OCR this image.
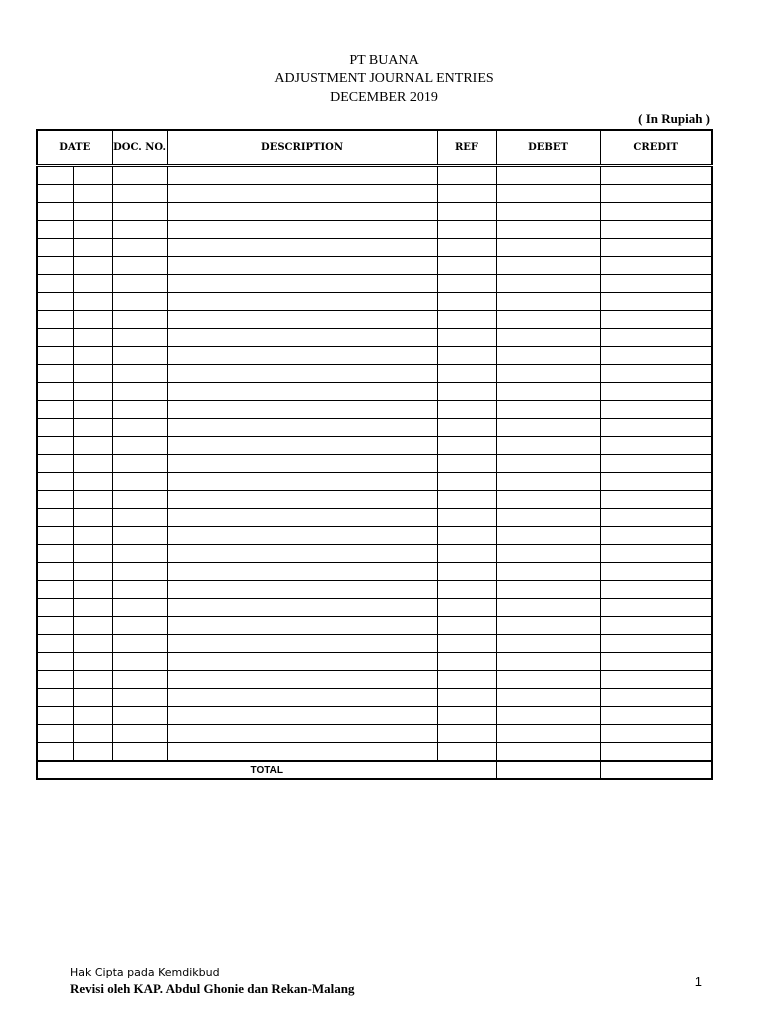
PT BUANA
ADJUSTMENT JOURNAL ENTRIES
DECEMBER 2019
( In Rupiah )
DATE		DOC. NO.	DESCRIPTION	REF	DEBET	CREDIT

TOTAL						
Hak Cipta pada Kemdikbud
Revisi oleh KAP. Abdul Ghonie dan Rekan-Malang	1
